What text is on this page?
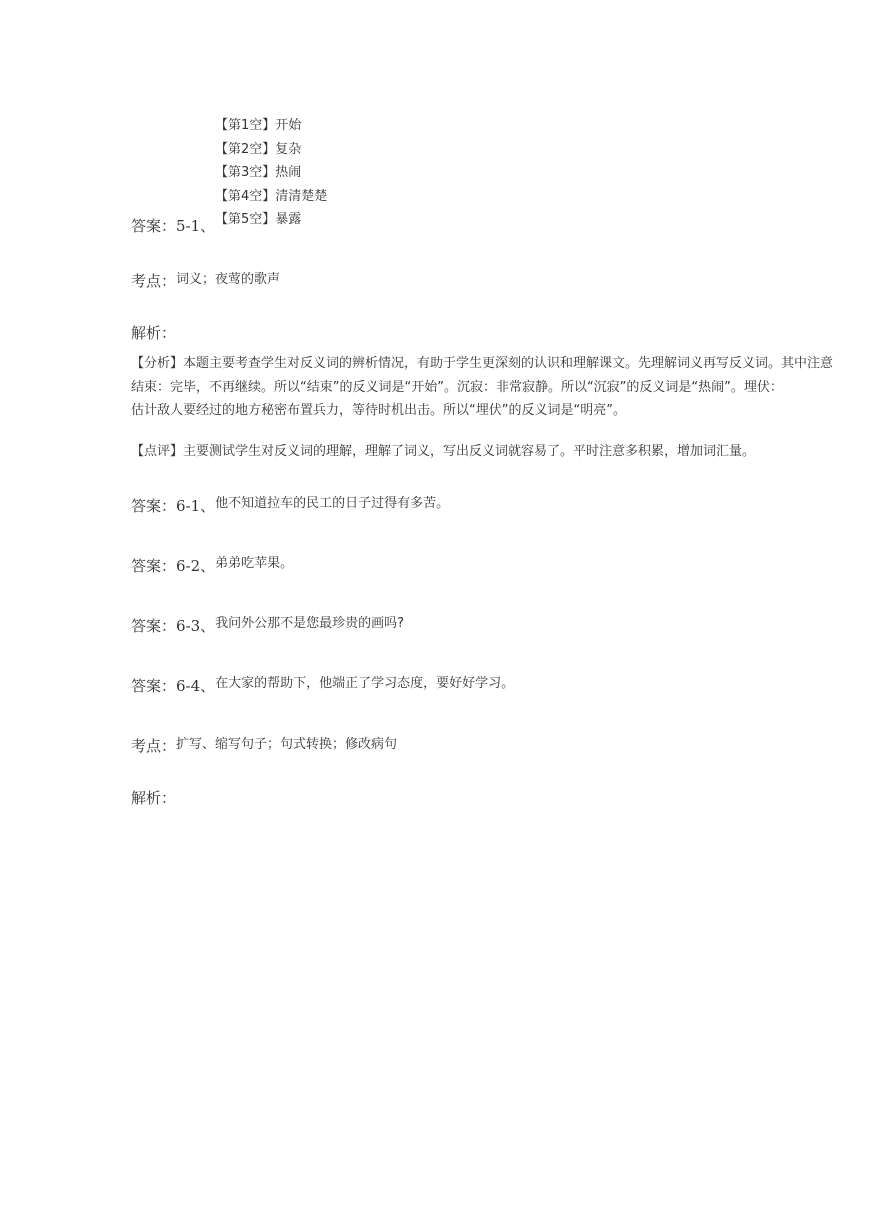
【第1空】开始
【第2空】复杂
【第3空】热闹
【第4空】清清楚楚
【第5空】暴露
答案：5-1、
考点：词义；夜莺的歌声
解析：
【分析】本题主要考查学生对反义词的辨析情况，有助于学生更深刻的认识和理解课文。先理解词义再写反义词。其中注意
结束：完毕，不再继续。所以“结束”的反义词是“开始”。沉寂：非常寂静。所以“沉寂”的反义词是“热闹”。埋伏：
估计敌人要经过的地方秘密布置兵力，等待时机出击。所以“埋伏”的反义词是“明亮”。
【点评】主要测试学生对反义词的理解，理解了词义，写出反义词就容易了。平时注意多积累，增加词汇量。
答案：6-1、$^{他不知道拉车的民工的日子过得有多苦。}$
答案：6-2、$^{弟弟吃苹果。}$
答案：6-3、$^{我问外公那不是您最珍贵的画吗?}$
答案：6-4、$^{在大家的帮助下,他端正了学习态度,要好好学习。}$
考点：扩写、缩写句子；句式转换；修改病句
解析：
